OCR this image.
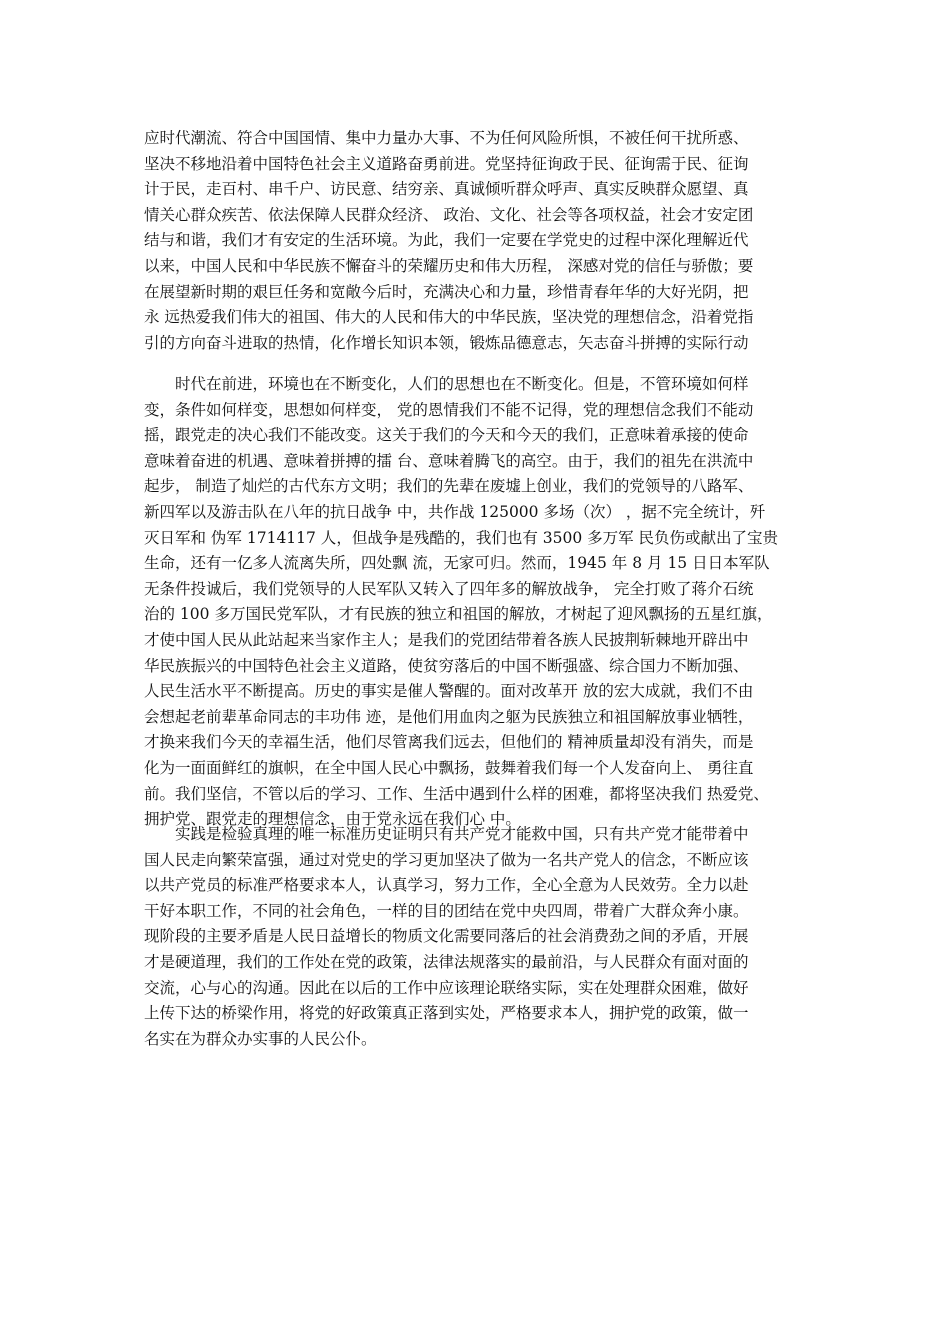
应时代潮流、符合中国国情、集中力量办大事、不为任何风险所惧，不被任何干扰所惑、
坚决不移地沿着中国特色社会主义道路奋勇前进。党坚持征询政于民、征询需于民、征询
计于民，走百村、串千户、访民意、结穷亲、真诚倾听群众呼声、真实反映群众愿望、真
情关心群众疾苦、依法保障人民群众经济、 政治、文化、社会等各项权益，社会才安定团
结与和谐，我们才有安定的生活环境。为此，我们一定要在学党史的过程中深化理解近代
以来，中国人民和中华民族不懈奋斗的荣耀历史和伟大历程， 深感对党的信任与骄傲；要
在展望新时期的艰巨任务和宽敞今后时，充满决心和力量，珍惜青春年华的大好光阴，把
永 远热爱我们伟大的祖国、伟大的人民和伟大的中华民族，坚决党的理想信念，沿着党指
引的方向奋斗进取的热情，化作增长知识本领，锻炼品德意志，矢志奋斗拼搏的实际行动
　　时代在前进，环境也在不断变化，人们的思想也在不断变化。但是，不管环境如何样
变，条件如何样变，思想如何样变， 党的恩情我们不能不记得，党的理想信念我们不能动
摇，跟党走的决心我们不能改变。这关于我们的今天和今天的我们，正意味着承接的使命
意味着奋进的机遇、意味着拼搏的擂 台、意味着腾飞的高空。由于，我们的祖先在洪流中
起步， 制造了灿烂的古代东方文明；我们的先辈在废墟上创业，我们的党领导的八路军、
新四军以及游击队在八年的抗日战争 中，共作战 125000 多场（次） ，据不完全统计，歼
灭日军和 伪军 1714117 人，但战争是残酷的，我们也有 3500 多万军 民负伤或献出了宝贵
生命，还有一亿多人流离失所，四处飘 流，无家可归。然而，1945 年 8 月 15 日日本军队
无条件投诚后，我们党领导的人民军队又转入了四年多的解放战争， 完全打败了蒋介石统
治的 100 多万国民党军队，才有民族的独立和祖国的解放，才树起了迎风飘扬的五星红旗，
才使中国人民从此站起来当家作主人；是我们的党团结带着各族人民披荆斩棘地开辟出中
华民族振兴的中国特色社会主义道路，使贫穷落后的中国不断强盛、综合国力不断加强、
人民生活水平不断提高。历史的事实是催人警醒的。面对改革开 放的宏大成就，我们不由
会想起老前辈革命同志的丰功伟 迹，是他们用血肉之躯为民族独立和祖国解放事业牺牲，
才换来我们今天的幸福生活，他们尽管离我们远去，但他们的 精神质量却没有消失，而是
化为一面面鲜红的旗帜，在全中国人民心中飘扬，鼓舞着我们每一个人发奋向上、 勇往直
前。我们坚信，不管以后的学习、工作、生活中遇到什么样的困难，都将坚决我们 热爱党、
拥护党、跟党走的理想信念，由于党永远在我们心 中。
　　实践是检验真理的唯一标准历史证明只有共产党才能救中国，只有共产党才能带着中
国人民走向繁荣富强，通过对党史的学习更加坚决了做为一名共产党人的信念，不断应该
以共产党员的标准严格要求本人，认真学习，努力工作，全心全意为人民效劳。全力以赴
干好本职工作，不同的社会角色，一样的目的团结在党中央四周，带着广大群众奔小康。
现阶段的主要矛盾是人民日益增长的物质文化需要同落后的社会消费劲之间的矛盾，开展
才是硬道理，我们的工作处在党的政策，法律法规落实的最前沿，与人民群众有面对面的
交流，心与心的沟通。因此在以后的工作中应该理论联络实际，实在处理群众困难，做好
上传下达的桥梁作用，将党的好政策真正落到实处，严格要求本人，拥护党的政策，做一
名实在为群众办实事的人民公仆。
